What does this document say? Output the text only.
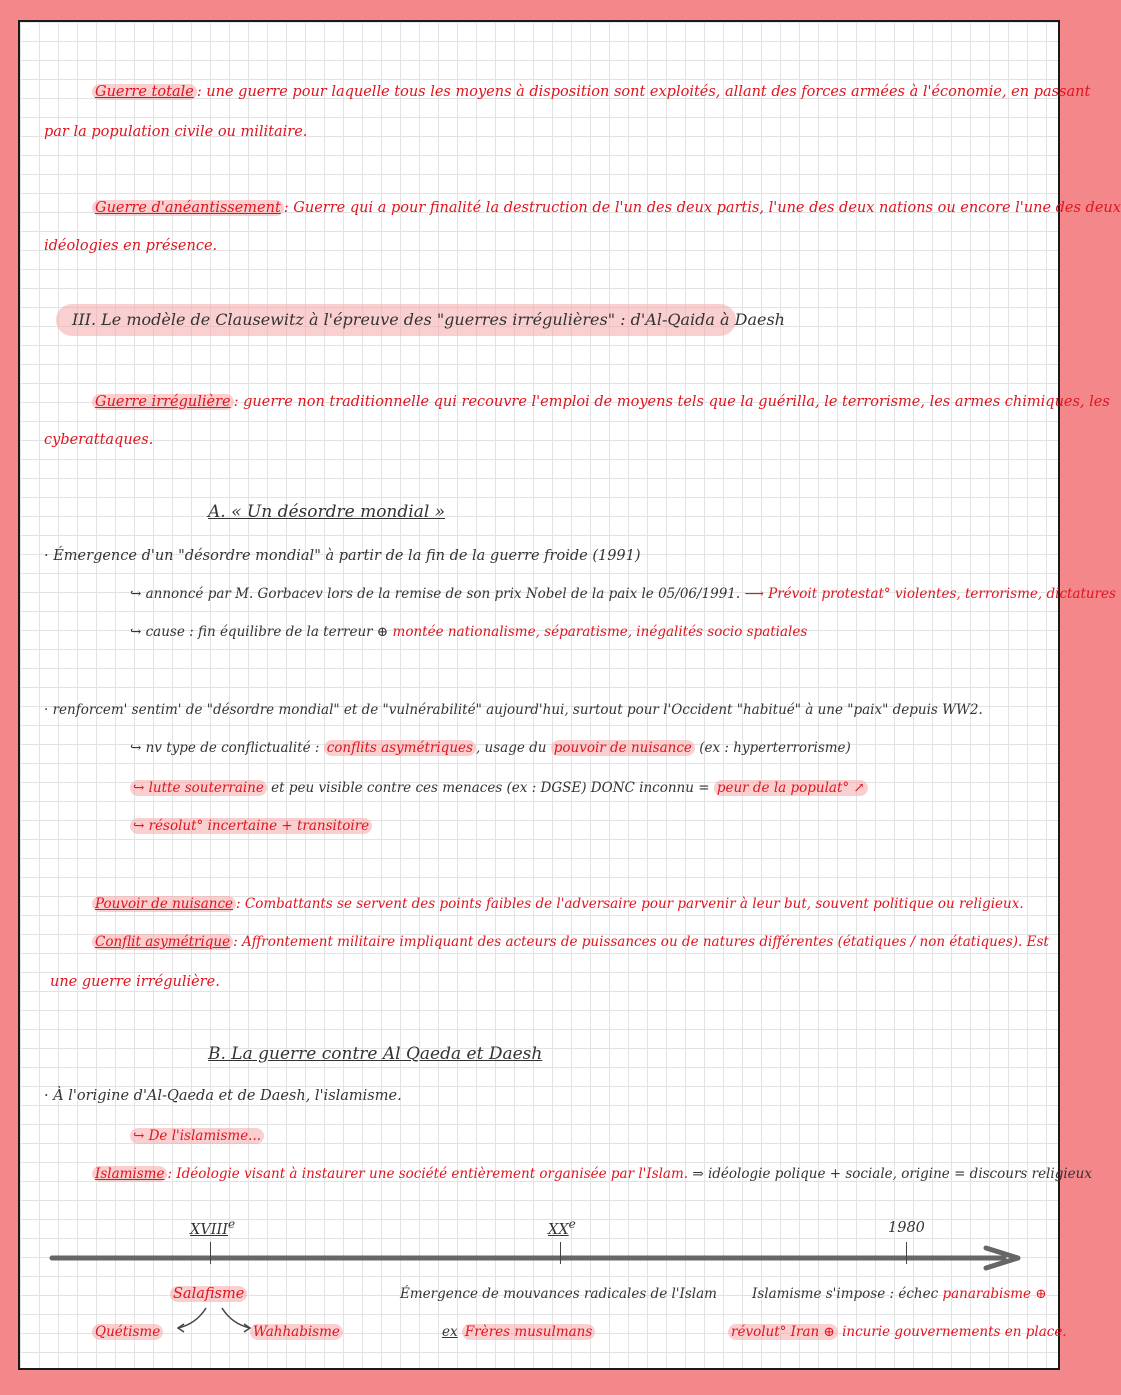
Guerre totale : une guerre pour laquelle tous les moyens à disposition sont exploités, allant des forces armées à l'économie, en passant
par la population civile ou militaire.
Guerre d'anéantissement : Guerre qui a pour finalité la destruction de l'un des deux partis, l'une des deux nations ou encore l'une des deux
idéologies en présence.
III. Le modèle de Clausewitz à l'épreuve des "guerres irrégulières" : d'Al-Qaida à Daesh
Guerre irrégulière : guerre non traditionnelle qui recouvre l'emploi de moyens tels que la guérilla, le terrorisme, les armes chimiques, les
cyberattaques.
A. « Un désordre mondial »
· Émergence d'un "désordre mondial" à partir de la fin de la guerre froide (1991)
↪ annoncé par M. Gorbacev lors de la remise de son prix Nobel de la paix le 05/06/1991. ⟶ Prévoit protestat° violentes, terrorisme, dictatures
↪ cause : fin équilibre de la terreur ⊕ montée nationalisme, séparatisme, inégalités socio spatiales
· renforcem' sentim' de "désordre mondial" et de "vulnérabilité" aujourd'hui, surtout pour l'Occident "habitué" à une "paix" depuis WW2.
↪ nv type de conflictualité : conflits asymétriques , usage du pouvoir de nuisance (ex : hyperterrorisme)
↪ lutte souterraine et peu visible contre ces menaces (ex : DGSE) DONC inconnu = peur de la populat° ↗
↪ résolut° incertaine + transitoire
Pouvoir de nuisance : Combattants se servent des points faibles de l'adversaire pour parvenir à leur but, souvent politique ou religieux.
Conflit asymétrique : Affrontement militaire impliquant des acteurs de puissances ou de natures différentes (étatiques / non étatiques). Est
une guerre irrégulière.
B. La guerre contre Al Qaeda et Daesh
· À l'origine d'Al-Qaeda et de Daesh, l'islamisme.
↪ De l'islamisme...
Islamisme : Idéologie visant à instaurer une société entièrement organisée par l'Islam. ⇒ idéologie polique + sociale, origine = discours religieux
XVIIIe	XXe	1980
Salafisme
Quétisme	Wahhabisme
Émergence de mouvances radicales de l'Islam
ex Frères musulmans
Islamisme s'impose : échec panarabisme ⊕
révolut° Iran ⊕ incurie gouvernements en place.
